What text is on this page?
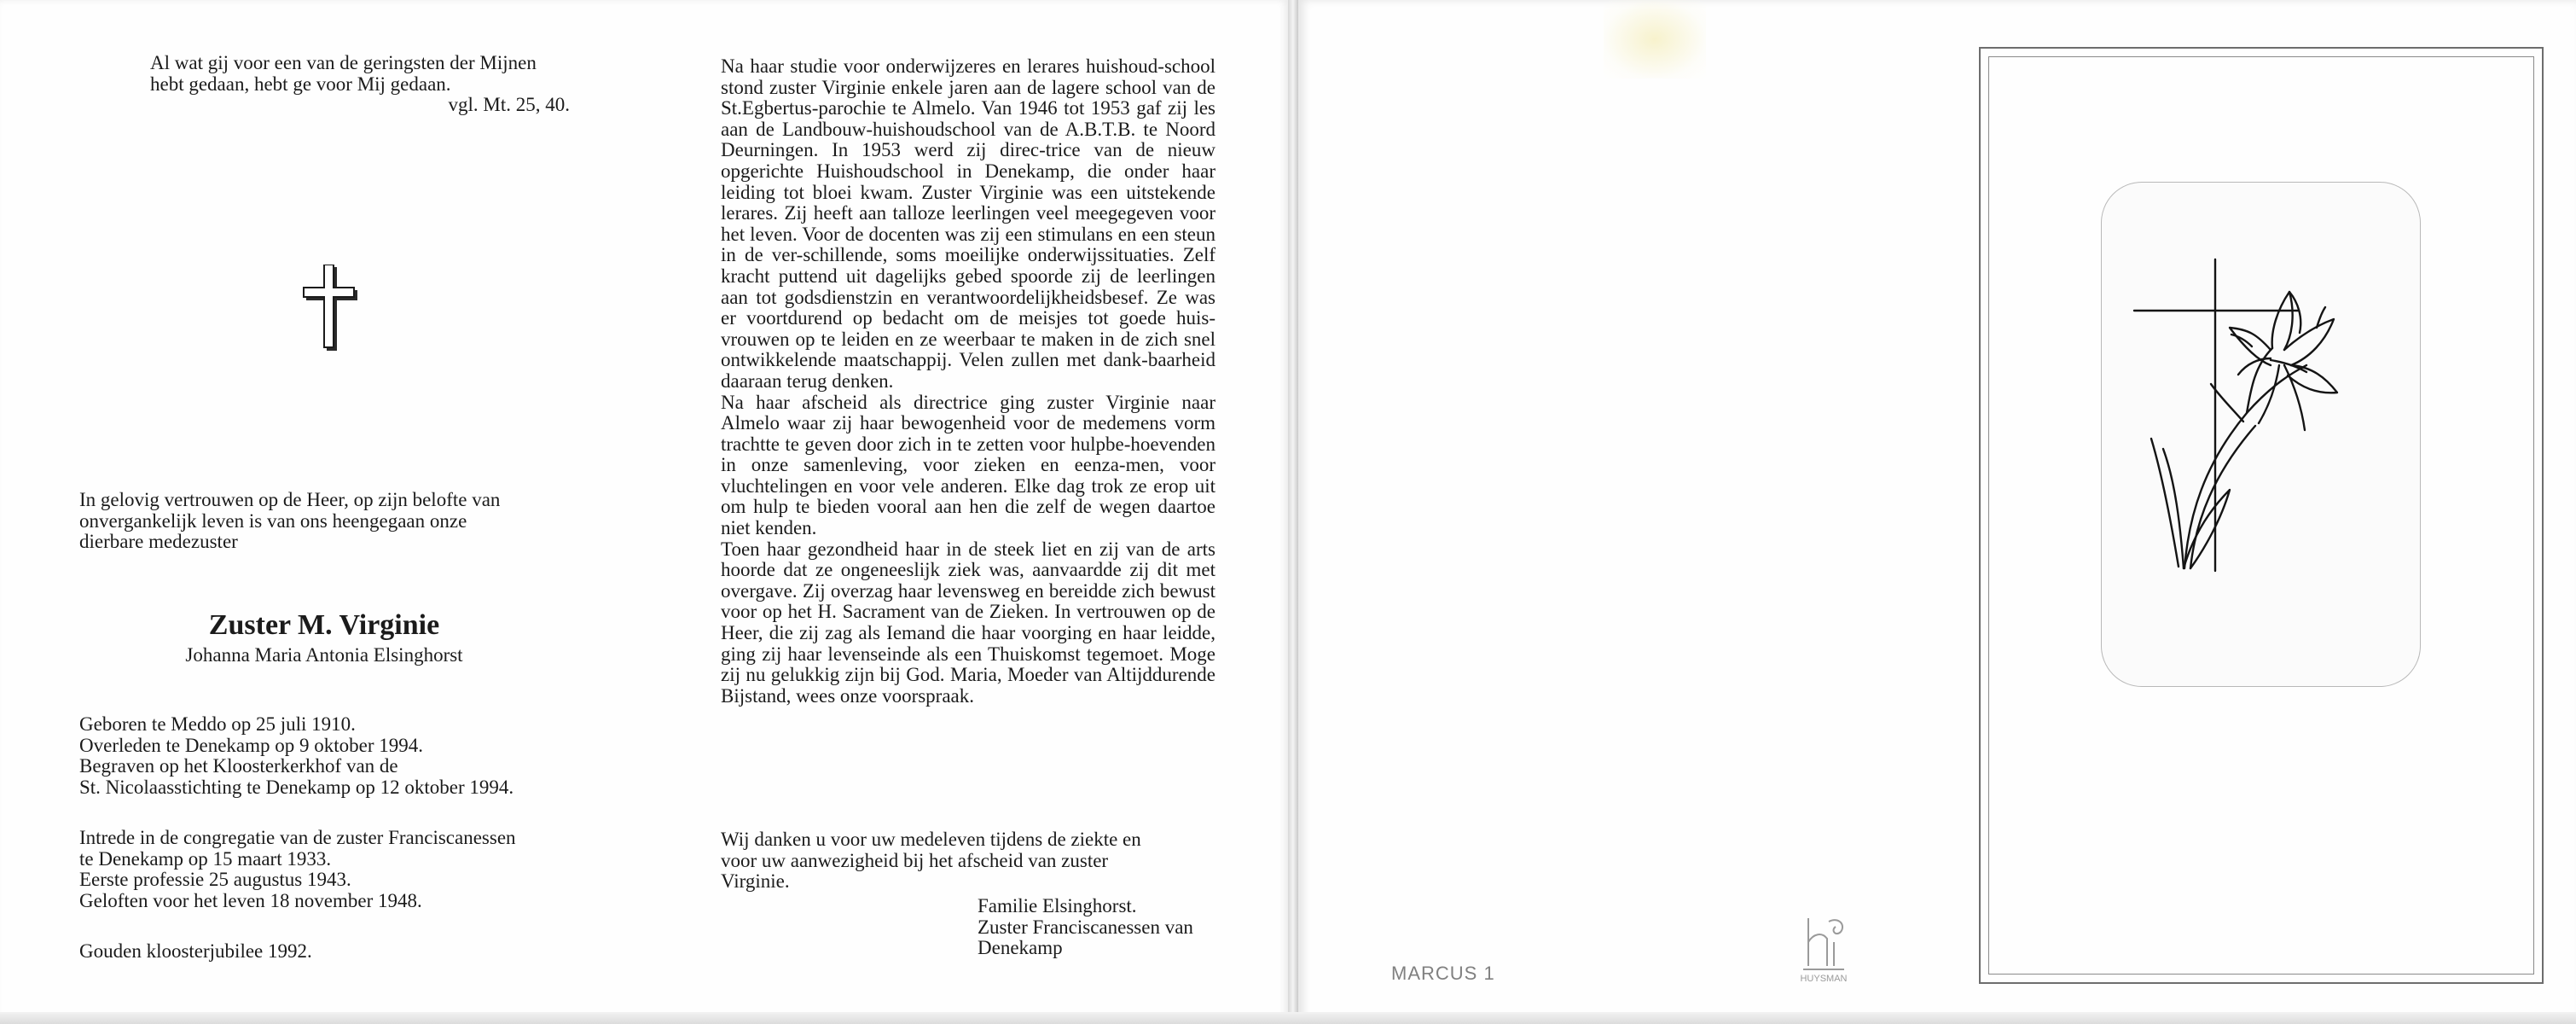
Al wat gij voor een van de geringsten der Mijnen
hebt gedaan, hebt ge voor Mij gedaan.
vgl. Mt. 25, 40.
In gelovig vertrouwen op de Heer, op zijn belofte van
onvergankelijk leven is van ons heengegaan onze
dierbare medezuster
Zuster M. Virginie
Johanna Maria Antonia Elsinghorst
Geboren te Meddo op 25 juli 1910.
Overleden te Denekamp op 9 oktober 1994.
Begraven op het Kloosterkerkhof van de
St. Nicolaasstichting te Denekamp op 12 oktober 1994.
Intrede in de congregatie van de zuster Franciscanessen
te Denekamp op 15 maart 1933.
Eerste professie 25 augustus 1943.
Geloften voor het leven 18 november 1948.
Gouden kloosterjubilee 1992.

Na haar studie voor onderwijzeres en lerares huishoud-school stond zuster Virginie enkele jaren aan de lagere school van de St.Egbertus-parochie te Almelo. Van 1946 tot 1953 gaf zij les aan de Landbouw-huishoudschool van de A.B.T.B. te Noord Deurningen. In 1953 werd zij direc-trice van de nieuw opgerichte Huishoudschool in Denekamp, die onder haar leiding tot bloei kwam. Zuster Virginie was een uitstekende lerares. Zij heeft aan talloze leerlingen veel meegegeven voor het leven. Voor de docenten was zij een stimulans en een steun in de ver-schillende, soms moeilijke onderwijssituaties. Zelf kracht puttend uit dagelijks gebed spoorde zij de leerlingen aan tot godsdienstzin en verantwoordelijkheidsbesef. Ze was er voortdurend op bedacht om de meisjes tot goede huis-vrouwen op te leiden en ze weerbaar te maken in de zich snel ontwikkelende maatschappij. Velen zullen met dank-baarheid daaraan terug denken.

Na haar afscheid als directrice ging zuster Virginie naar Almelo waar zij haar bewogenheid voor de medemens vorm trachtte te geven door zich in te zetten voor hulpbe-hoevenden in onze samenleving, voor zieken en eenza-men, voor vluchtelingen en voor vele anderen. Elke dag trok ze erop uit om hulp te bieden vooral aan hen die zelf de wegen daartoe niet kenden.

Toen haar gezondheid haar in de steek liet en zij van de arts hoorde dat ze ongeneeslijk ziek was, aanvaardde zij dit met overgave. Zij overzag haar levensweg en bereidde zich bewust voor op het H. Sacrament van de Zieken. In vertrouwen op de Heer, die zij zag als Iemand die haar voorging en haar leidde, ging zij haar levenseinde als een Thuiskomst tegemoet. Moge zij nu gelukkig zijn bij God. Maria, Moeder van Altijddurende Bijstand, wees onze voorspraak.

Wij danken u voor uw medeleven tijdens de ziekte en
voor uw aanwezigheid bij het afscheid van zuster
Virginie.
Familie Elsinghorst.
Zuster Franciscanessen van
Denekamp
MARCUS 1	HUYSMAN
